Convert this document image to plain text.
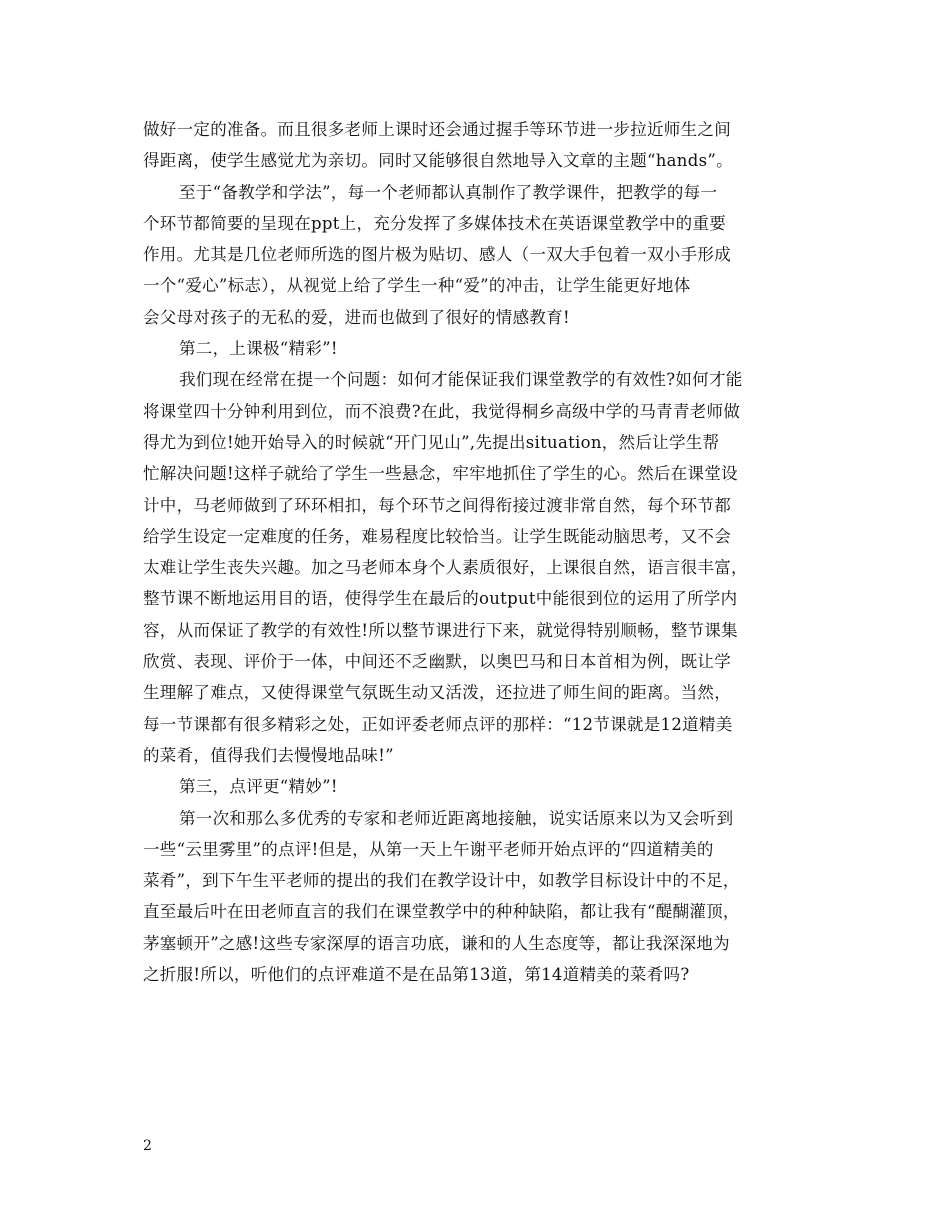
做好一定的准备。而且很多老师上课时还会通过握手等环节进一步拉近师生之间
得距离，使学生感觉尤为亲切。同时又能够很自然地导入文章的主题“hands”。
至于“备教学和学法”，每一个老师都认真制作了教学课件，把教学的每一
个环节都简要的呈现在ppt上，充分发挥了多媒体技术在英语课堂教学中的重要
作用。尤其是几位老师所选的图片极为贴切、感人（一双大手包着一双小手形成
一个“爱心”标志），从视觉上给了学生一种“爱”的冲击，让学生能更好地体
会父母对孩子的无私的爱，进而也做到了很好的情感教育!
第二，上课极“精彩”!
我们现在经常在提一个问题：如何才能保证我们课堂教学的有效性?如何才能
将课堂四十分钟利用到位，而不浪费?在此，我觉得桐乡高级中学的马青青老师做
得尤为到位!她开始导入的时候就“开门见山”,先提出situation，然后让学生帮
忙解决问题!这样子就给了学生一些悬念，牢牢地抓住了学生的心。然后在课堂设
计中，马老师做到了环环相扣，每个环节之间得衔接过渡非常自然，每个环节都
给学生设定一定难度的任务，难易程度比较恰当。让学生既能动脑思考，又不会
太难让学生丧失兴趣。加之马老师本身个人素质很好，上课很自然，语言很丰富，
整节课不断地运用目的语，使得学生在最后的output中能很到位的运用了所学内
容，从而保证了教学的有效性!所以整节课进行下来，就觉得特别顺畅，整节课集
欣赏、表现、评价于一体，中间还不乏幽默，以奥巴马和日本首相为例，既让学
生理解了难点，又使得课堂气氛既生动又活泼，还拉进了师生间的距离。当然，
每一节课都有很多精彩之处，正如评委老师点评的那样：“12节课就是12道精美
的菜肴，值得我们去慢慢地品味!”
第三，点评更“精妙”!
第一次和那么多优秀的专家和老师近距离地接触，说实话原来以为又会听到
一些“云里雾里”的点评!但是，从第一天上午谢平老师开始点评的“四道精美的
菜肴”，到下午生平老师的提出的我们在教学设计中，如教学目标设计中的不足，
直至最后叶在田老师直言的我们在课堂教学中的种种缺陷，都让我有“醍醐灌顶，
茅塞顿开”之感!这些专家深厚的语言功底，谦和的人生态度等，都让我深深地为
之折服!所以，听他们的点评难道不是在品第13道，第14道精美的菜肴吗?
2
